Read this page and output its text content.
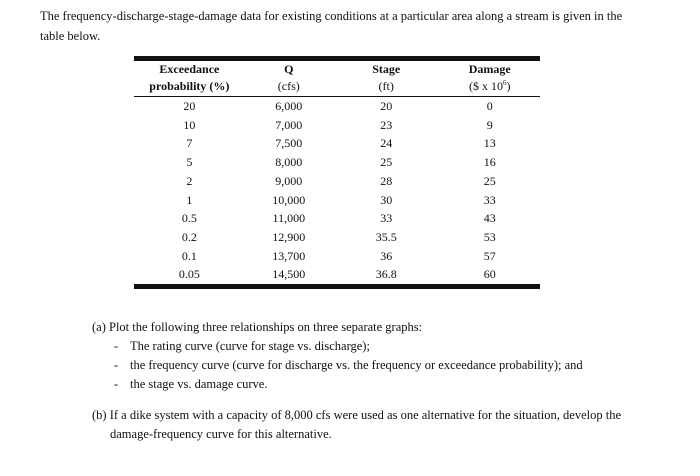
The frequency-discharge-stage-damage data for existing conditions at a particular area along a stream is given in the
table below.
Exceedance	Q	Stage	Damage
probability (%)	(cfs)	(ft)	($ x $10^6$)
20	6,000	20	0
10	7,000	23	9
7	7,500	24	13
5	8,000	25	16
2	9,000	28	25
1	10,000	30	33
0.5	11,000	33	43
0.2	12,900	35.5	53
0.1	13,700	36	57
0.05	14,500	36.8	60

(a) Plot the following three relationships on three separate graphs:

- The rating curve (curve for stage vs. discharge);
- the frequency curve (curve for discharge vs. the frequency or exceedance probability); and
- the stage vs. damage curve.
(b) If a dike system with a capacity of 8,000 cfs were used as one alternative for the situation, develop the
damage-frequency curve for this alternative.
